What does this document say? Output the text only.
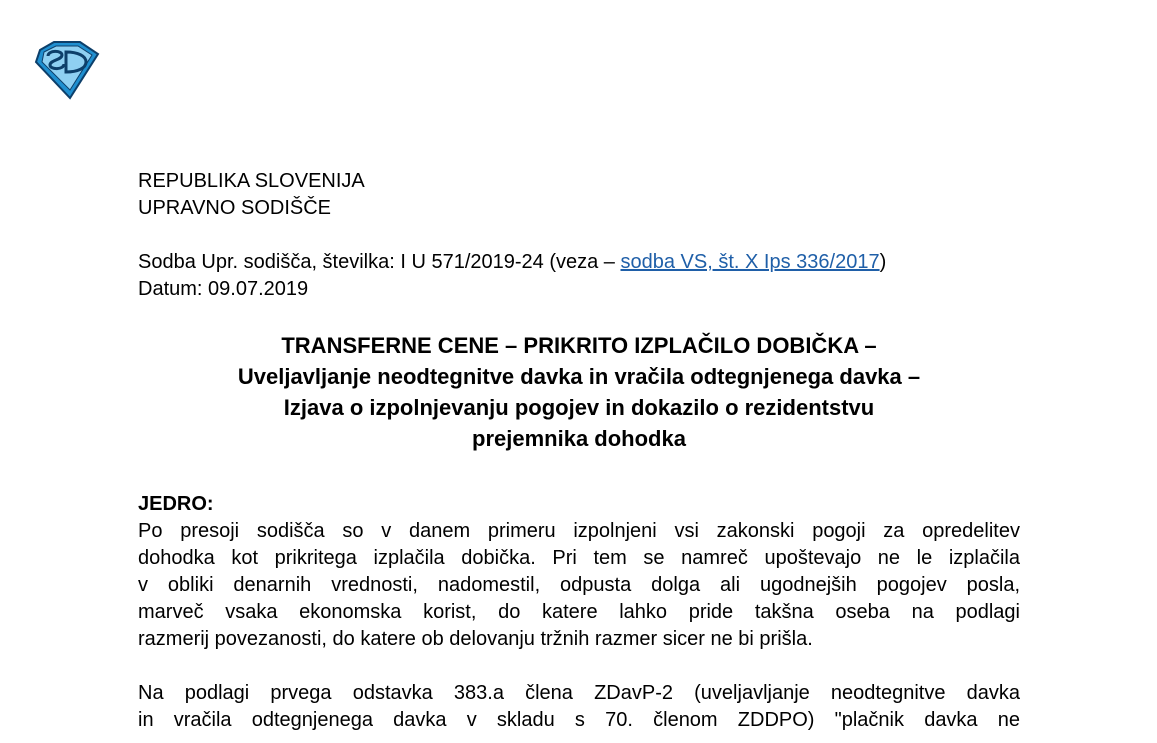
REPUBLIKA SLOVENIJA
UPRAVNO SODIŠČE
Sodba Upr. sodišča, številka: I U 571/2019-24 (veza – sodba VS, št. X Ips 336/2017)
Datum: 09.07.2019
TRANSFERNE CENE – PRIKRITO IZPLAČILO DOBIČKA –
Uveljavljanje neodtegnitve davka in vračila odtegnjenega davka –
Izjava o izpolnjevanju pogojev in dokazilo o rezidentstvu
prejemnika dohodka
JEDRO:
Po presoji sodišča so v danem primeru izpolnjeni vsi zakonski pogoji za opredelitev
dohodka kot prikritega izplačila dobička. Pri tem se namreč upoštevajo ne le izplačila
v obliki denarnih vrednosti, nadomestil, odpusta dolga ali ugodnejših pogojev posla,
marveč vsaka ekonomska korist, do katere lahko pride takšna oseba na podlagi
razmerij povezanosti, do katere ob delovanju tržnih razmer sicer ne bi prišla.
Na podlagi prvega odstavka 383.a člena ZDavP-2 (uveljavljanje neodtegnitve davka
in vračila odtegnjenega davka v skladu s 70. členom ZDDPO) "plačnik davka ne
